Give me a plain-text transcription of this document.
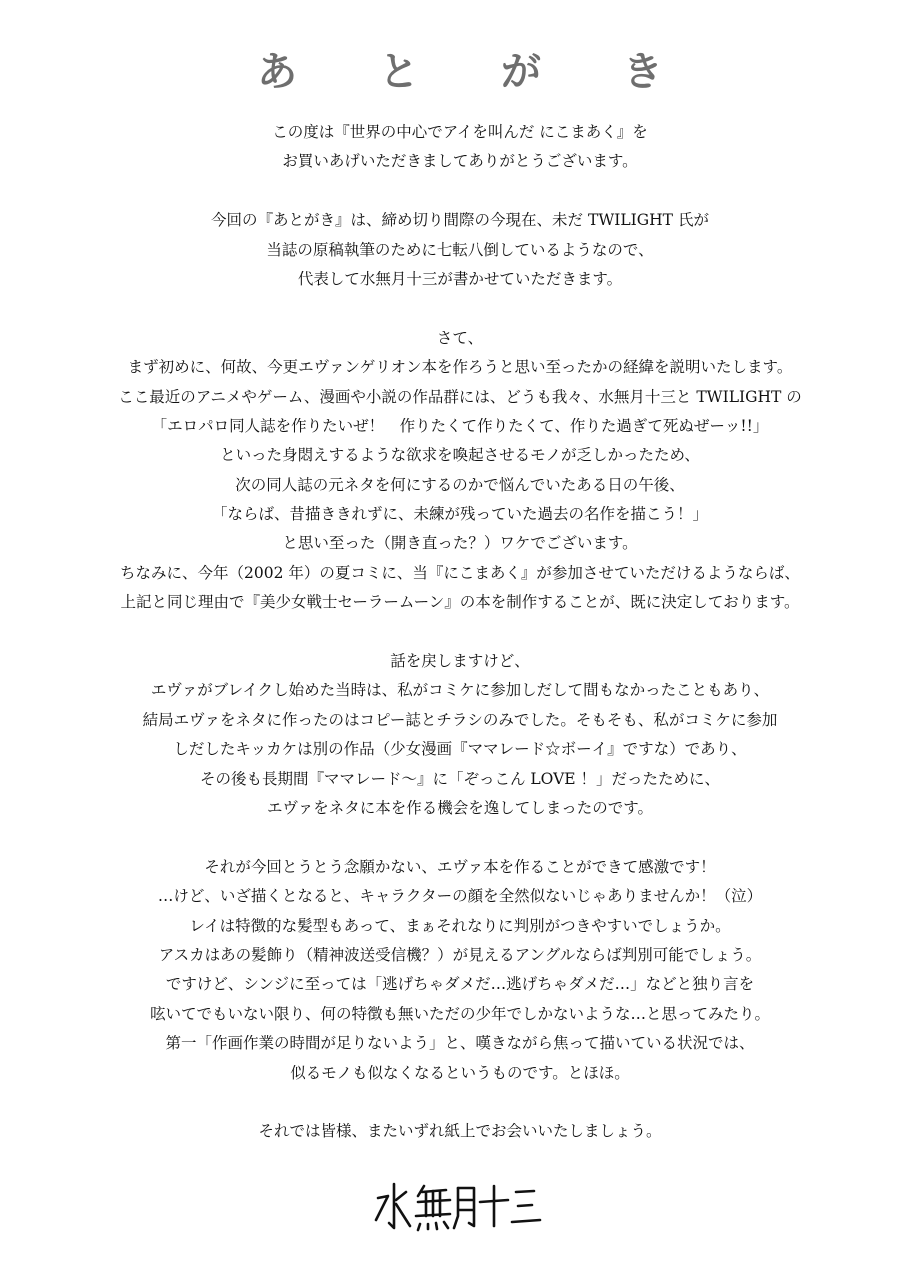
あ と が き
この度は『世界の中心でアイを叫んだ にこまあく』を
お買いあげいただきましてありがとうございます。
今回の『あとがき』は、締め切り間際の今現在、未だ TWILIGHT 氏が
当誌の原稿執筆のために七転八倒しているようなので、
代表して水無月十三が書かせていただきます。
さて、
まず初めに、何故、今更エヴァンゲリオン本を作ろうと思い至ったかの経緯を説明いたします。
ここ最近のアニメやゲーム、漫画や小説の作品群には、どうも我々、水無月十三と TWILIGHT の
「エロパロ同人誌を作りたいぜ！　作りたくて作りたくて、作りた過ぎて死ぬぜーッ!!」
といった身悶えするような欲求を喚起させるモノが乏しかったため、
次の同人誌の元ネタを何にするのかで悩んでいたある日の午後、
「ならば、昔描ききれずに、未練が残っていた過去の名作を描こう！」
と思い至った（開き直った？）ワケでございます。
ちなみに、今年（2002 年）の夏コミに、当『にこまあく』が参加させていただけるようならば、
上記と同じ理由で『美少女戦士セーラームーン』の本を制作することが、既に決定しております。
話を戻しますけど、
エヴァがブレイクし始めた当時は、私がコミケに参加しだして間もなかったこともあり、
結局エヴァをネタに作ったのはコピー誌とチラシのみでした。そもそも、私がコミケに参加
しだしたキッカケは別の作品（少女漫画『ママレード☆ボーイ』ですな）であり、
その後も長期間『ママレード～』に「ぞっこん LOVE ！」だったために、
エヴァをネタに本を作る機会を逸してしまったのです。
それが今回とうとう念願かない、エヴァ本を作ることができて感激です！
…けど、いざ描くとなると、キャラクターの顔を全然似ないじゃありませんか！（泣）
レイは特徴的な髪型もあって、まぁそれなりに判別がつきやすいでしょうか。
アスカはあの髪飾り（精神波送受信機？）が見えるアングルならば判別可能でしょう。
ですけど、シンジに至っては「逃げちゃダメだ…逃げちゃダメだ…」などと独り言を
呟いてでもいない限り、何の特徴も無いただの少年でしかないような…と思ってみたり。
第一「作画作業の時間が足りないよう」と、嘆きながら焦って描いている状況では、
似るモノも似なくなるというものです。とほほ。
それでは皆様、またいずれ紙上でお会いいたしましょう。
